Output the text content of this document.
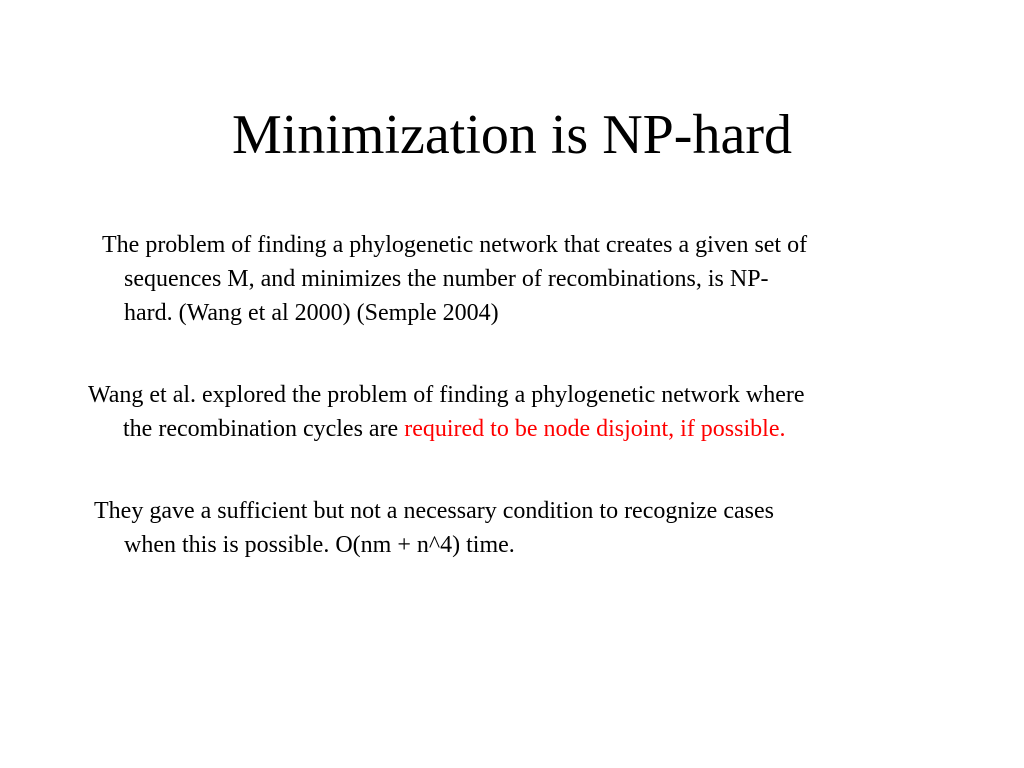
Minimization is NP-hard
The problem of finding a phylogenetic network that creates a given set of
sequences M, and minimizes the number of recombinations, is NP-
hard. (Wang et al 2000) (Semple 2004)
Wang et al. explored the problem of finding a phylogenetic network where
the recombination cycles are required to be node disjoint, if possible.
They gave a sufficient but not a necessary condition to recognize cases
when this is possible. O(nm + n^4) time.
